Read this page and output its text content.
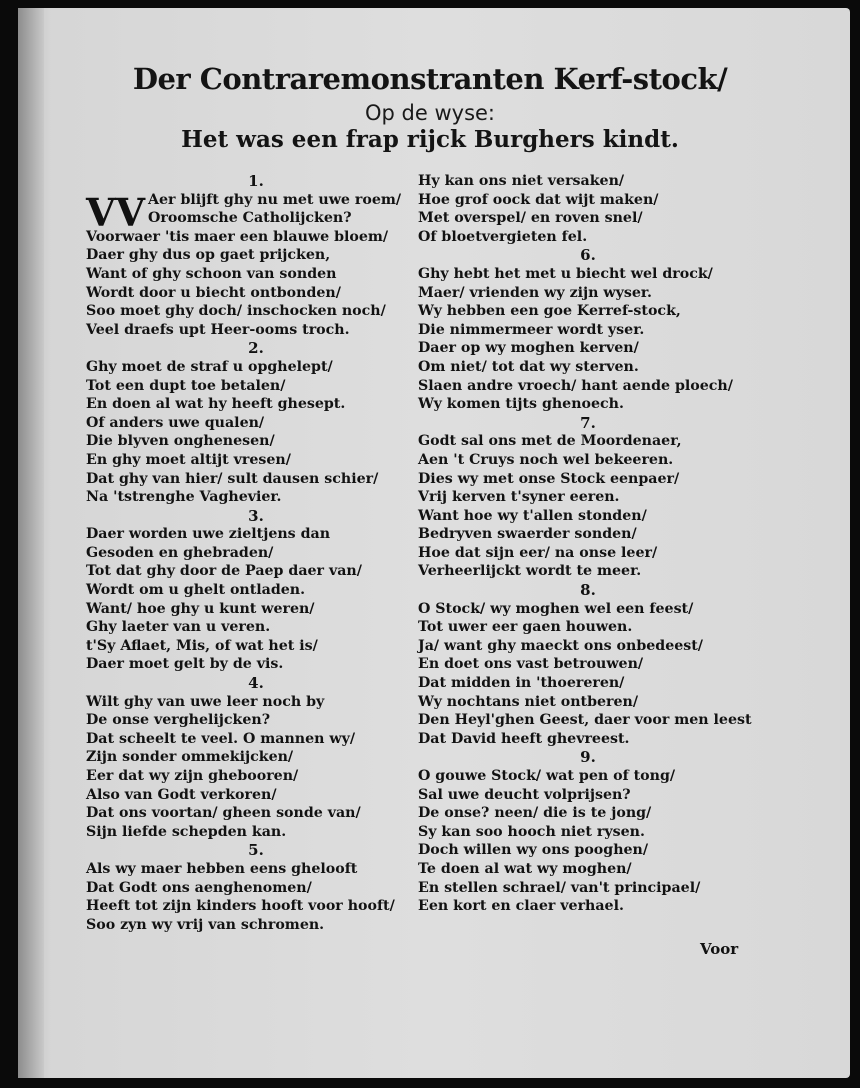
Der Contraremonstranten Kerf-stock/
Op de wyse:
Het was een frap rijck Burghers kindt.
VV
1.
Aer blijft ghy nu met uwe roem/
Oroomsche Catholijcken?
Voorwaer 'tis maer een blauwe bloem/
Daer ghy dus op gaet prijcken,
Want of ghy schoon van sonden
Wordt door u biecht ontbonden/
Soo moet ghy doch/ inschocken noch/
Veel draefs upt Heer-ooms troch.
2.
Ghy moet de straf u opghelept/
Tot een dupt toe betalen/
En doen al wat hy heeft ghesept.
Of anders uwe qualen/
Die blyven onghenesen/
En ghy moet altijt vresen/
Dat ghy van hier/ sult dausen schier/
Na 'tstrenghe Vaghevier.
3.
Daer worden uwe zieltjens dan
Gesoden en ghebraden/
Tot dat ghy door de Paep daer van/
Wordt om u ghelt ontladen.
Want/ hoe ghy u kunt weren/
Ghy laeter van u veren.
t'Sy Aflaet, Mis, of wat het is/
Daer moet gelt by de vis.
4.
Wilt ghy van uwe leer noch by
De onse verghelijcken?
Dat scheelt te veel. O mannen wy/
Zijn sonder ommekijcken/
Eer dat wy zijn ghebooren/
Also van Godt verkoren/
Dat ons voortan/ gheen sonde van/
Sijn liefde schepden kan.
5.
Als wy maer hebben eens ghelooft
Dat Godt ons aenghenomen/
Heeft tot zijn kinders hooft voor hooft/
Soo zyn wy vrij van schromen.
Hy kan ons niet versaken/
Hoe grof oock dat wijt maken/
Met overspel/ en roven snel/
Of bloetvergieten fel.
6.
Ghy hebt het met u biecht wel drock/
Maer/ vrienden wy zijn wyser.
Wy hebben een goe Kerref-stock,
Die nimmermeer wordt yser.
Daer op wy moghen kerven/
Om niet/ tot dat wy sterven.
Slaen andre vroech/ hant aende ploech/
Wy komen tijts ghenoech.
7.
Godt sal ons met de Moordenaer,
Aen 't Cruys noch wel bekeeren.
Dies wy met onse Stock eenpaer/
Vrij kerven t'syner eeren.
Want hoe wy t'allen stonden/
Bedryven swaerder sonden/
Hoe dat sijn eer/ na onse leer/
Verheerlijckt wordt te meer.
8.
O Stock/ wy moghen wel een feest/
Tot uwer eer gaen houwen.
Ja/ want ghy maeckt ons onbedeest/
En doet ons vast betrouwen/
Dat midden in 'thoereren/
Wy nochtans niet ontberen/
Den Heyl'ghen Geest, daer voor men leest
Dat David heeft ghevreest.
9.
O gouwe Stock/ wat pen of tong/
Sal uwe deucht volprijsen?
De onse? neen/ die is te jong/
Sy kan soo hooch niet rysen.
Doch willen wy ons pooghen/
Te doen al wat wy moghen/
En stellen schrael/ van't principael/
Een kort en claer verhael.
Voor
